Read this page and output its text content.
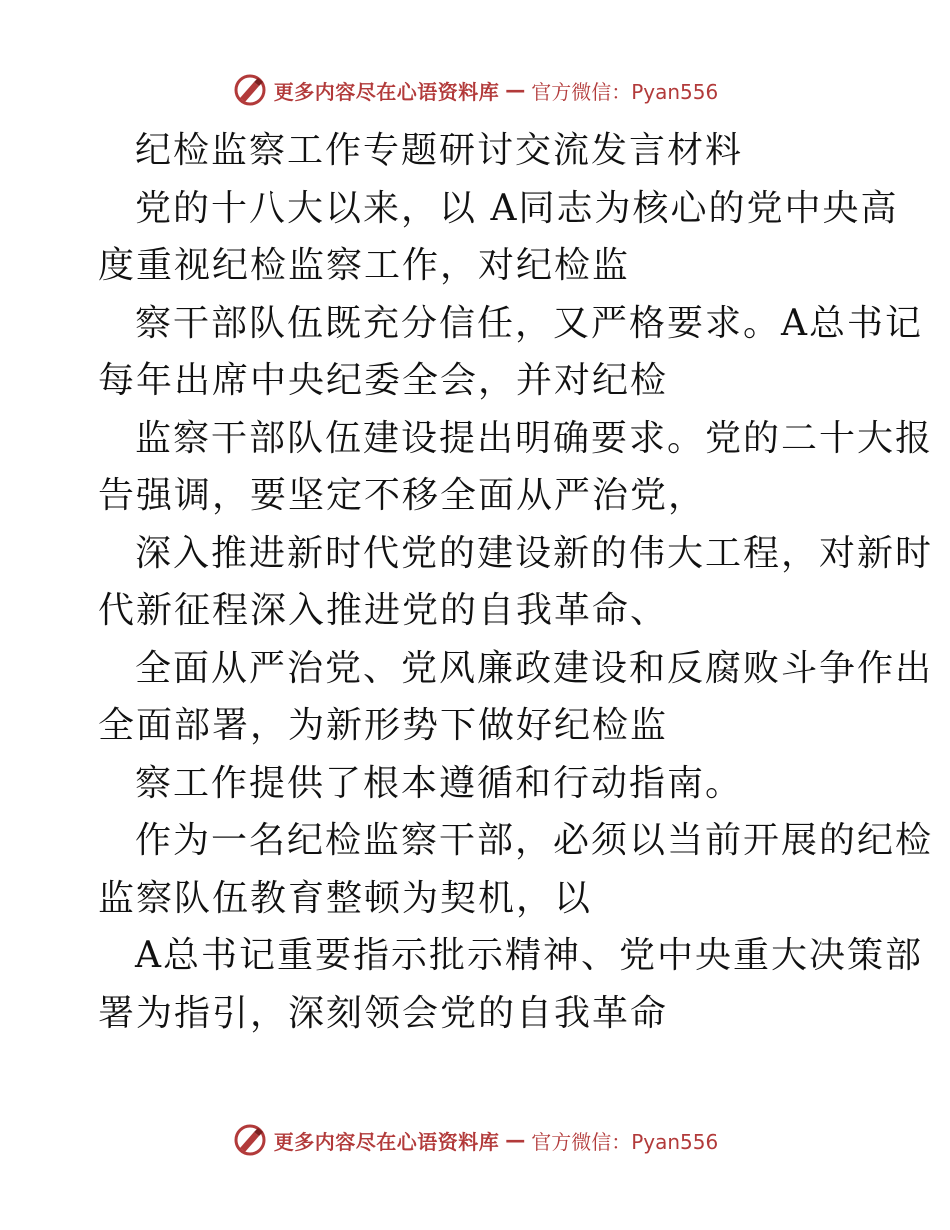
更多内容尽在心语资料库 — 官方微信：Pyan556
纪检监察工作专题研讨交流发言材料
党的十八大以来，以 A同志为核心的党中央高
度重视纪检监察工作，对纪检监
察干部队伍既充分信任，又严格要求。A总书记
每年出席中央纪委全会，并对纪检
监察干部队伍建设提出明确要求。党的二十大报
告强调，要坚定不移全面从严治党，
深入推进新时代党的建设新的伟大工程，对新时
代新征程深入推进党的自我革命、
全面从严治党、党风廉政建设和反腐败斗争作出
全面部署，为新形势下做好纪检监
察工作提供了根本遵循和行动指南。
作为一名纪检监察干部，必须以当前开展的纪检
监察队伍教育整顿为契机，以
A总书记重要指示批示精神、党中央重大决策部
署为指引，深刻领会党的自我革命
更多内容尽在心语资料库 — 官方微信：Pyan556
